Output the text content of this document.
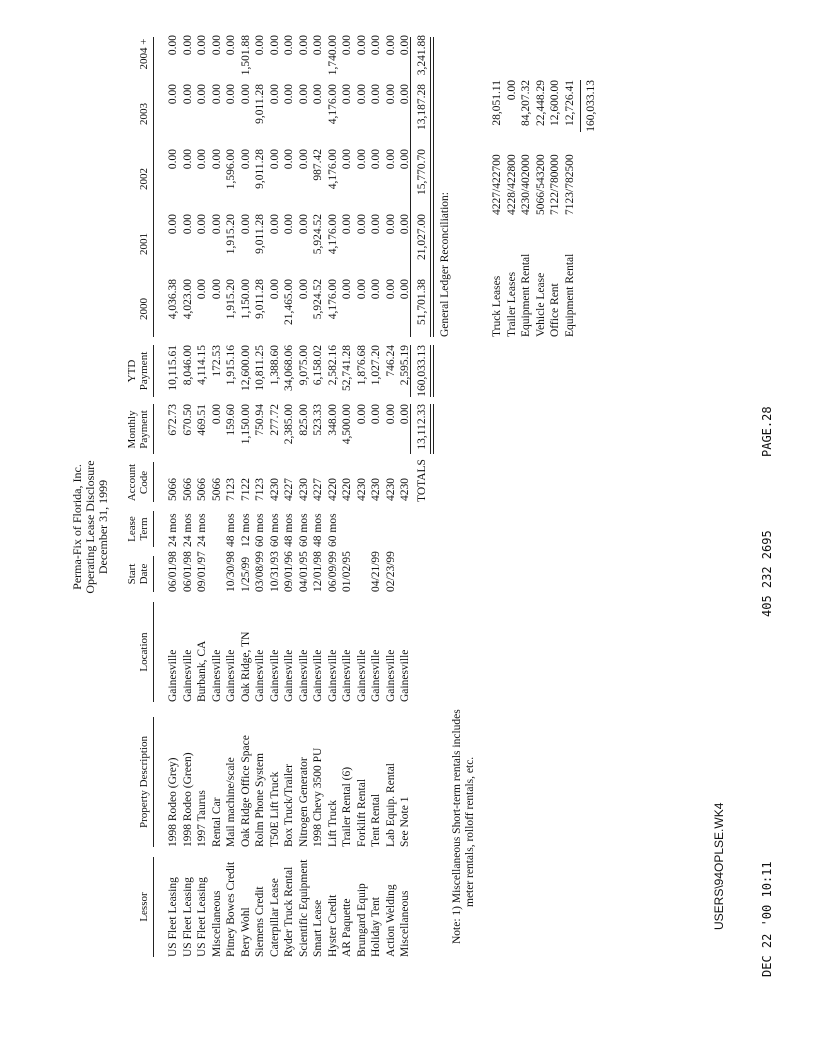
Perma-Fix of Florida, Inc. Operating Lease Disclosure December 31, 1999
Lessor
Property Description
Location
Start
Date
Lease
Term
Account
Code
Monthly
Payment
YTD
Payment
2000
2001
2002
2003
2004 +
US Fleet Leasing
1998 Rodeo (Grey)
Gainesville
06/01/98
24 mos
5066
672.73
10,115.61
4,036.38
0.00
0.00
0.00
0.00
US Fleet Leasing
1998 Rodeo (Green)
Gainesville
06/01/98
24 mos
5066
670.50
8,046.00
4,023.00
0.00
0.00
0.00
0.00
US Fleet Leasing
1997 Taurus
Burbank, CA
09/01/97
24 mos
5066
469.51
4,114.15
0.00
0.00
0.00
0.00
0.00
Miscellaneous
Rental Car
Gainesville
5066
0.00
172.53
0.00
0.00
0.00
0.00
0.00
Pitney Bowes Credit
Mail machine/scale
Gainesville
10/30/98
48 mos
7123
159.60
1,915.16
1,915.20
1,915.20
1,596.00
0.00
0.00
Bery Wohl
Oak Ridge Office Space
Oak Ridge, TN
1/25/99
12 mos
7122
1,150.00
12,600.00
1,150.00
0.00
0.00
0.00
1,501.88
Siemens Credit
Rolm Phone System
Gainesville
03/08/99
60 mos
7123
750.94
10,811.25
9,011.28
9,011.28
9,011.28
9,011.28
0.00
Caterpillar Lease
T50E Lift Truck
Gainesville
10/31/93
60 mos
4230
277.72
1,388.60
0.00
0.00
0.00
0.00
0.00
Ryder Truck Rental
Box Truck/Trailer
Gainesville
09/01/96
48 mos
4227
2,385.00
34,068.06
21,465.00
0.00
0.00
0.00
0.00
Scientific Equipment
Nitrogen Generator
Gainesville
04/01/95
60 mos
4230
825.00
9,075.00
0.00
0.00
0.00
0.00
0.00
Smart Lease
1998 Chevy 3500 PU
Gainesville
12/01/98
48 mos
4227
523.33
6,158.02
5,924.52
5,924.52
987.42
0.00
0.00
Hyster Credit
Lift Truck
Gainesville
06/09/99
60 mos
4220
348.00
2,582.16
4,176.00
4,176.00
4,176.00
4,176.00
1,740.00
AR Paquette
Trailer Rental (6)
Gainesville
01/02/95
4220
4,500.00
52,741.28
0.00
0.00
0.00
0.00
0.00
Brungard Equip
Forklift Rental
Gainesville
4230
0.00
1,876.68
0.00
0.00
0.00
0.00
0.00
Holiday Tent
Tent Rental
Gainesville
04/21/99
4230
0.00
1,027.20
0.00
0.00
0.00
0.00
0.00
Action Welding
Lab Equip. Rental
Gainesville
02/23/99
4230
0.00
746.24
0.00
0.00
0.00
0.00
0.00
Miscellaneous
See Note 1
Gainesville
4230
0.00
2,595.19
0.00
0.00
0.00
0.00
0.00
TOTALS
13,112.33
160,033.13
51,701.38
21,027.00
15,770.70
13,187.28
3,241.88
Note: 1) Miscellaneous Short-term rentals includes meter rentals, rolloff rentals, etc.
General Ledger Reconciliation:	Truck Leases
4227/422700
28,051.11
Trailer Leases
4228/422800
0.00
Equipment Rental
4230/402000
84,207.32
Vehicle Lease
5066/543200
22,448.29
Office Rent
7122/780000
12,600.00
Equipment Rental
7123/782500
12,726.41 160,033.13
DEC 22 '00 10:11
405 232 2695
PAGE.28
USERS\94OPLSE.WK4
